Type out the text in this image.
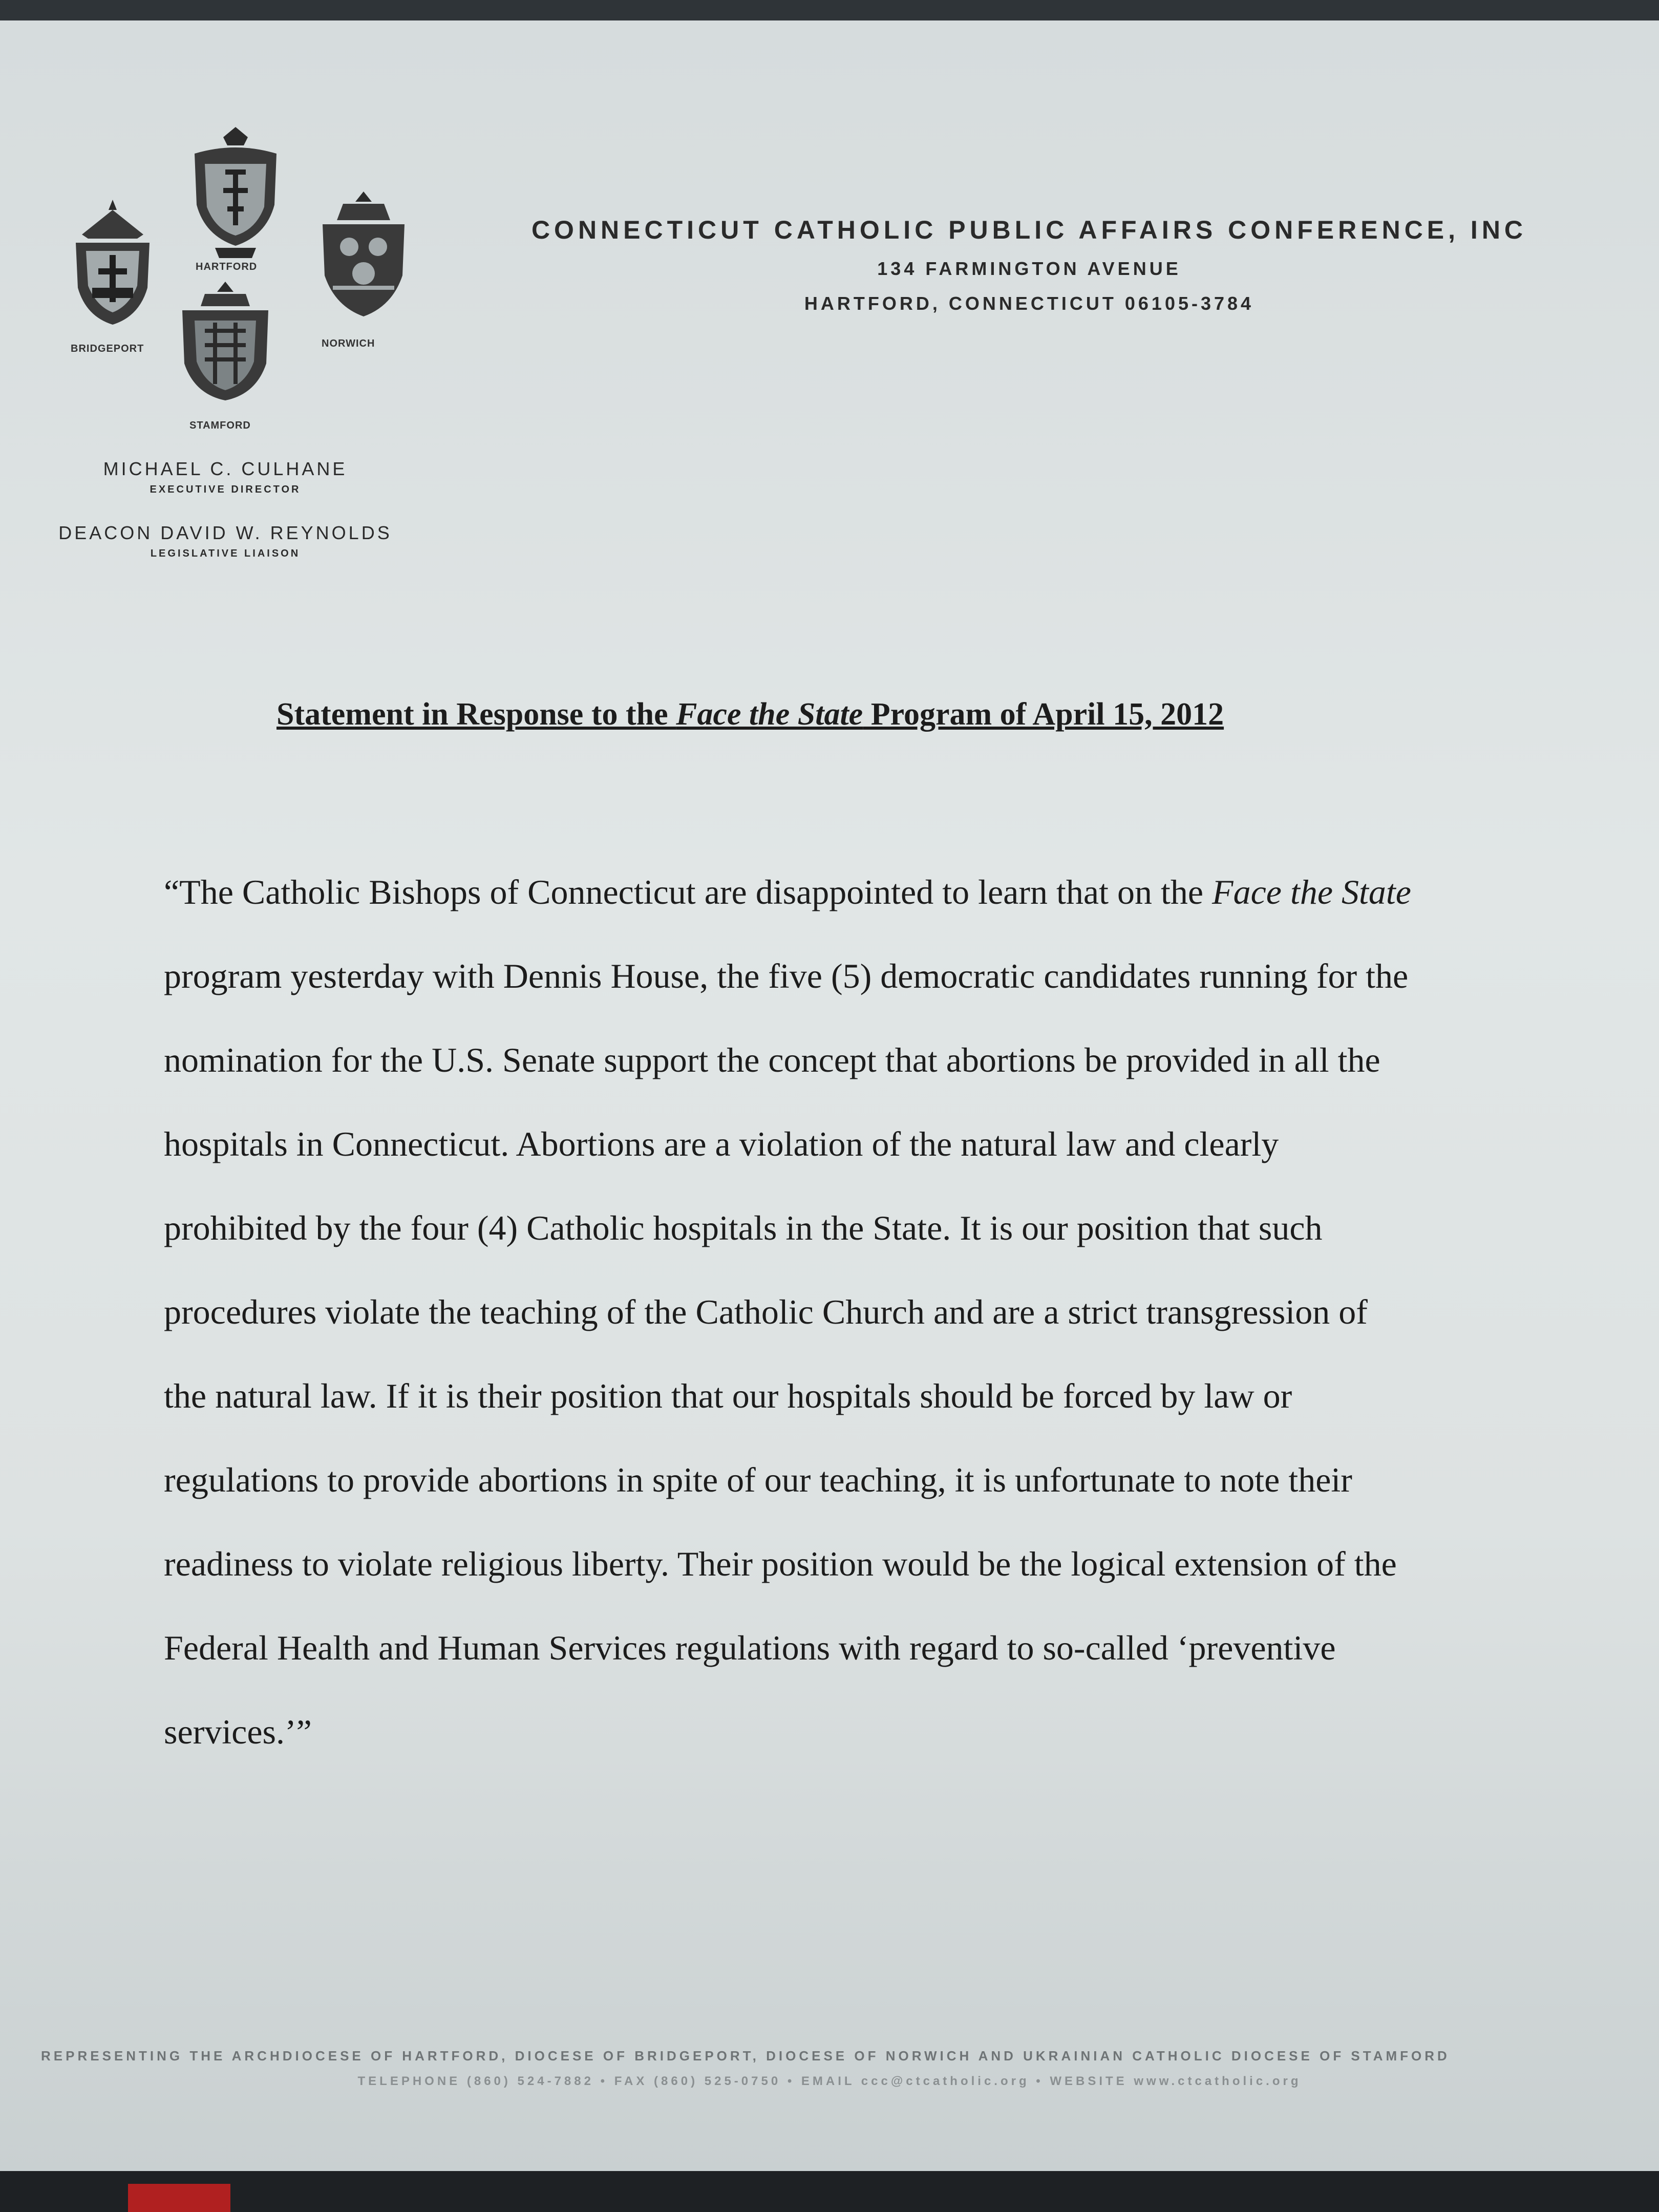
HARTFORD
BRIDGEPORT	NORWICH
STAMFORD
CONNECTICUT CATHOLIC PUBLIC AFFAIRS CONFERENCE, INC
134 FARMINGTON AVENUE
HARTFORD, CONNECTICUT 06105-3784
MICHAEL C. CULHANE
EXECUTIVE DIRECTOR
DEACON DAVID W. REYNOLDS
LEGISLATIVE LIAISON
Statement in Response to the Face the State Program of April 15, 2012
“The Catholic Bishops of Connecticut are disappointed to learn that on the Face the State
program yesterday with Dennis House, the five (5) democratic candidates running for the
nomination for the U.S. Senate support the concept that abortions be provided in all the
hospitals in Connecticut. Abortions are a violation of the natural law and clearly
prohibited by the four (4) Catholic hospitals in the State. It is our position that such
procedures violate the teaching of the Catholic Church and are a strict transgression of
the natural law. If it is their position that our hospitals should be forced by law or
regulations to provide abortions in spite of our teaching, it is unfortunate to note their
readiness to violate religious liberty. Their position would be the logical extension of the
Federal Health and Human Services regulations with regard to so-called ‘preventive
services.’”
REPRESENTING THE ARCHDIOCESE OF HARTFORD, DIOCESE OF BRIDGEPORT, DIOCESE OF NORWICH AND UKRAINIAN CATHOLIC DIOCESE OF STAMFORD
TELEPHONE (860) 524-7882 • FAX (860) 525-0750 • EMAIL ccc@ctcatholic.org • WEBSITE www.ctcatholic.org
